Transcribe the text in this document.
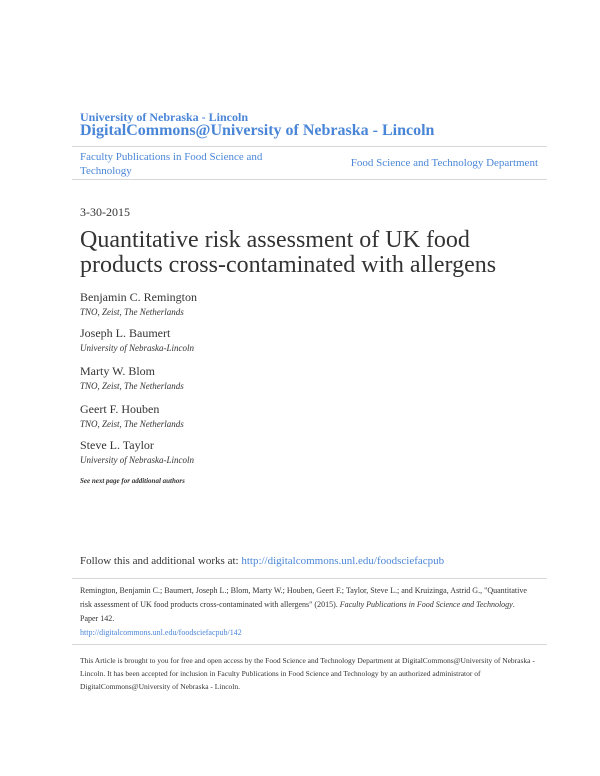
University of Nebraska - Lincoln
DigitalCommons@University of Nebraska - Lincoln
Faculty Publications in Food Science and Technology
Food Science and Technology Department
3-30-2015
Quantitative risk assessment of UK food products cross-contaminated with allergens
Benjamin C. Remington
TNO, Zeist, The Netherlands
Joseph L. Baumert
University of Nebraska-Lincoln
Marty W. Blom
TNO, Zeist, The Netherlands
Geert F. Houben
TNO, Zeist, The Netherlands
Steve L. Taylor
University of Nebraska-Lincoln
See next page for additional authors
Follow this and additional works at: http://digitalcommons.unl.edu/foodsciefacpub
Remington, Benjamin C.; Baumert, Joseph L.; Blom, Marty W.; Houben, Geert F.; Taylor, Steve L.; and Kruizinga, Astrid G., "Quantitative risk assessment of UK food products cross-contaminated with allergens" (2015). Faculty Publications in Food Science and Technology. Paper 142.
http://digitalcommons.unl.edu/foodsciefacpub/142
This Article is brought to you for free and open access by the Food Science and Technology Department at DigitalCommons@University of Nebraska - Lincoln. It has been accepted for inclusion in Faculty Publications in Food Science and Technology by an authorized administrator of DigitalCommons@University of Nebraska - Lincoln.
